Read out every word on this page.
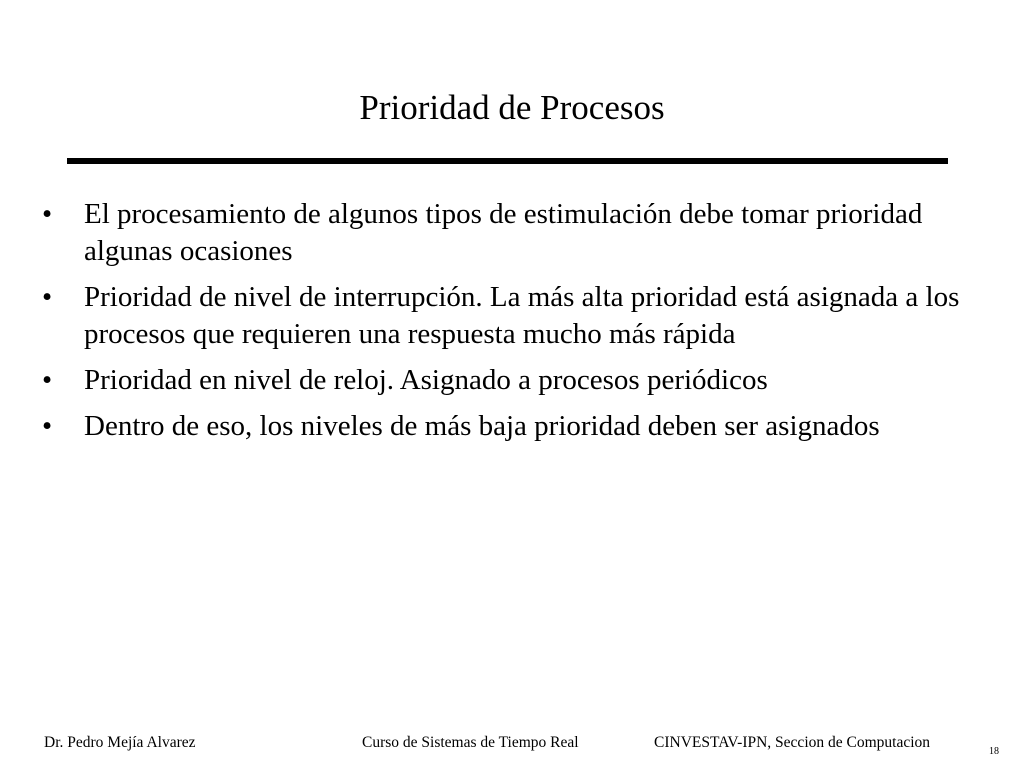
Prioridad de Procesos
• El procesamiento de algunos tipos de estimulación debe tomar prioridad algunas ocasiones
• Prioridad de nivel de interrupción. La más alta prioridad está asignada a los procesos que requieren una respuesta mucho más rápida
• Prioridad en nivel de reloj. Asignado a procesos periódicos
• Dentro de eso, los niveles de más baja prioridad deben ser asignados
Dr. Pedro Mejía Alvarez	Curso de Sistemas de Tiempo Real	CINVESTAV-IPN, Seccion de Computacion
18
